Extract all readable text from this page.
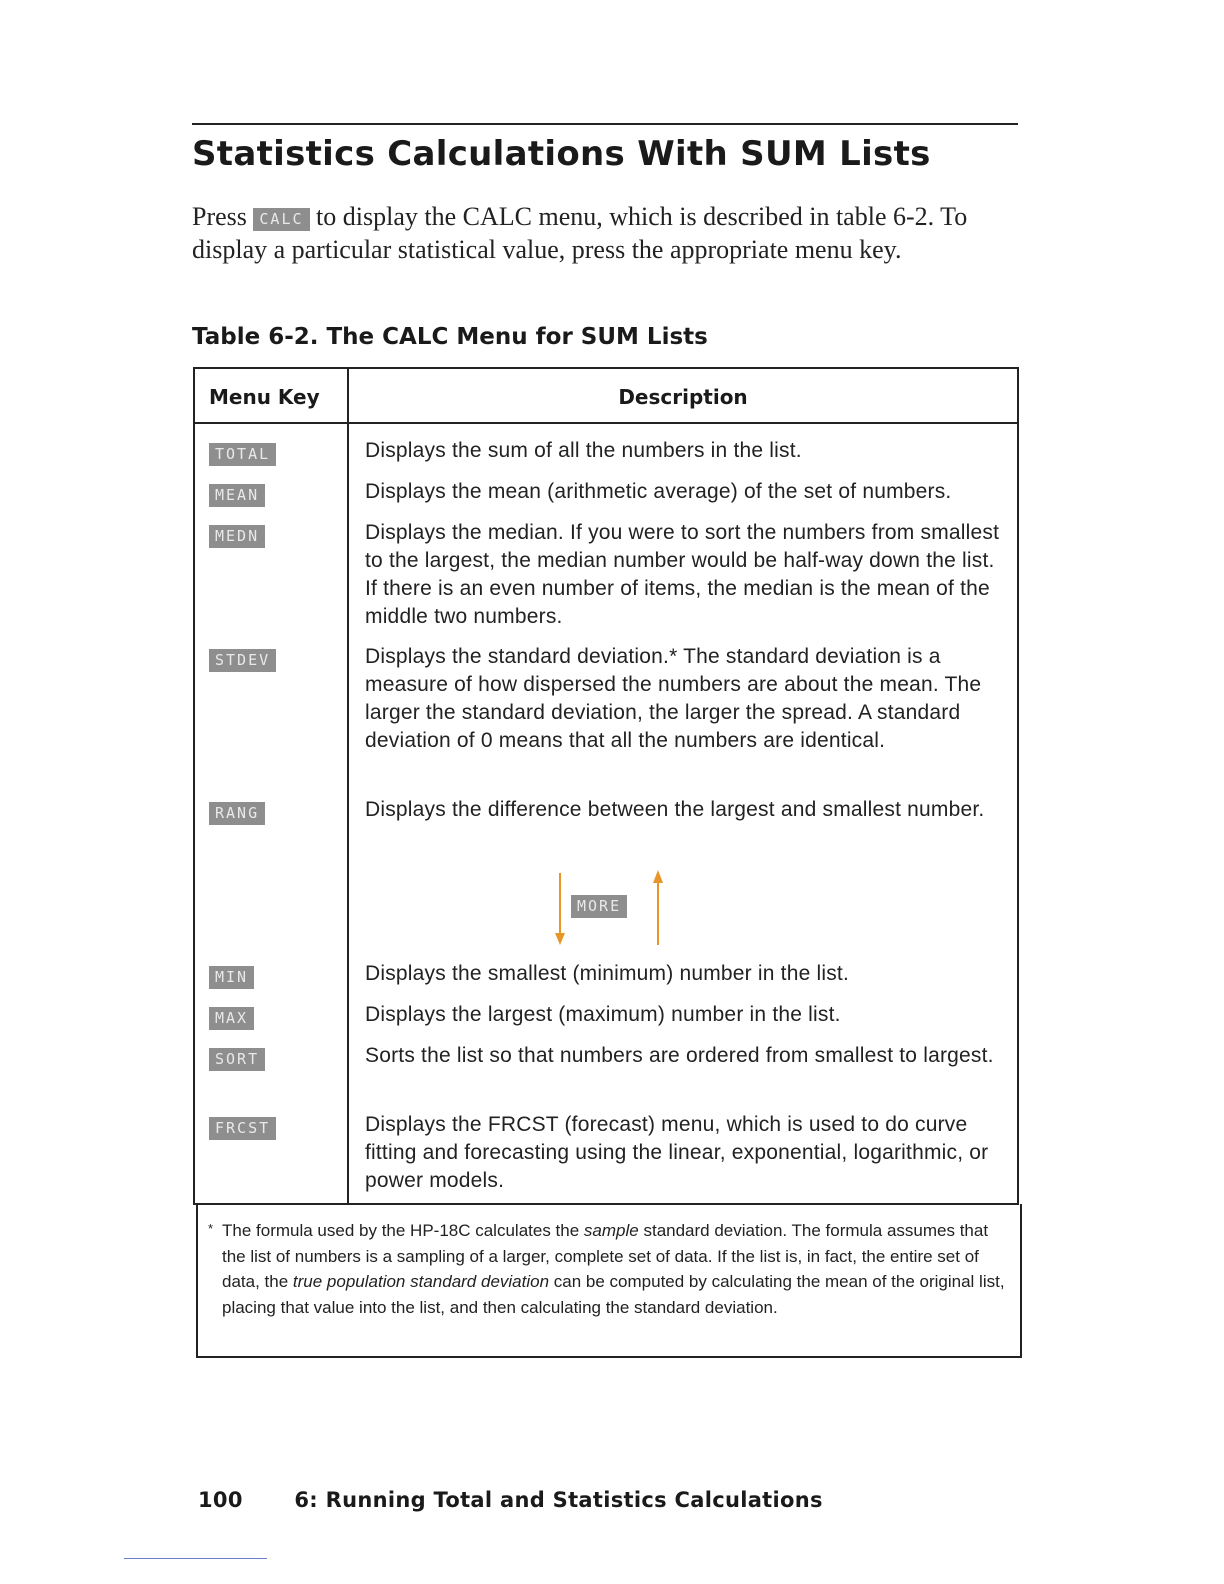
Statistics Calculations With SUM Lists

Press CALC to display the CALC menu, which is described in table 6-2. To display a particular statistical value, press the appropriate menu key.

Table 6-2. The CALC Menu for SUM Lists
Menu Key	Description
TOTAL	Displays the sum of all the numbers in the list.
MEAN	Displays the mean (arithmetic average) of the set of numbers.
MEDN	Displays the median. If you were to sort the numbers from smallest to the largest, the median number would be half-way down the list. If there is an even number of items, the median is the mean of the middle two numbers.
STDEV	Displays the standard deviation.* The standard deviation is a measure of how dispersed the numbers are about the mean. The larger the standard deviation, the larger the spread. A standard deviation of 0 means that all the numbers are identical.
RANG	Displays the difference between the largest and smallest number.
MORE
MIN	Displays the smallest (minimum) number in the list.
MAX	Displays the largest (maximum) number in the list.
SORT	Sorts the list so that numbers are ordered from smallest to largest.
FRCST	Displays the FRCST (forecast) menu, which is used to do curve fitting and forecasting using the linear, exponential, logarithmic, or power models.

* The formula used by the HP-18C calculates the sample standard deviation. The formula assumes that the list of numbers is a sampling of a larger, complete set of data. If the list is, in fact, the entire set of data, the true population standard deviation can be computed by calculating the mean of the original list, placing that value into the list, and then calculating the standard deviation.

100 6: Running Total and Statistics Calculations
